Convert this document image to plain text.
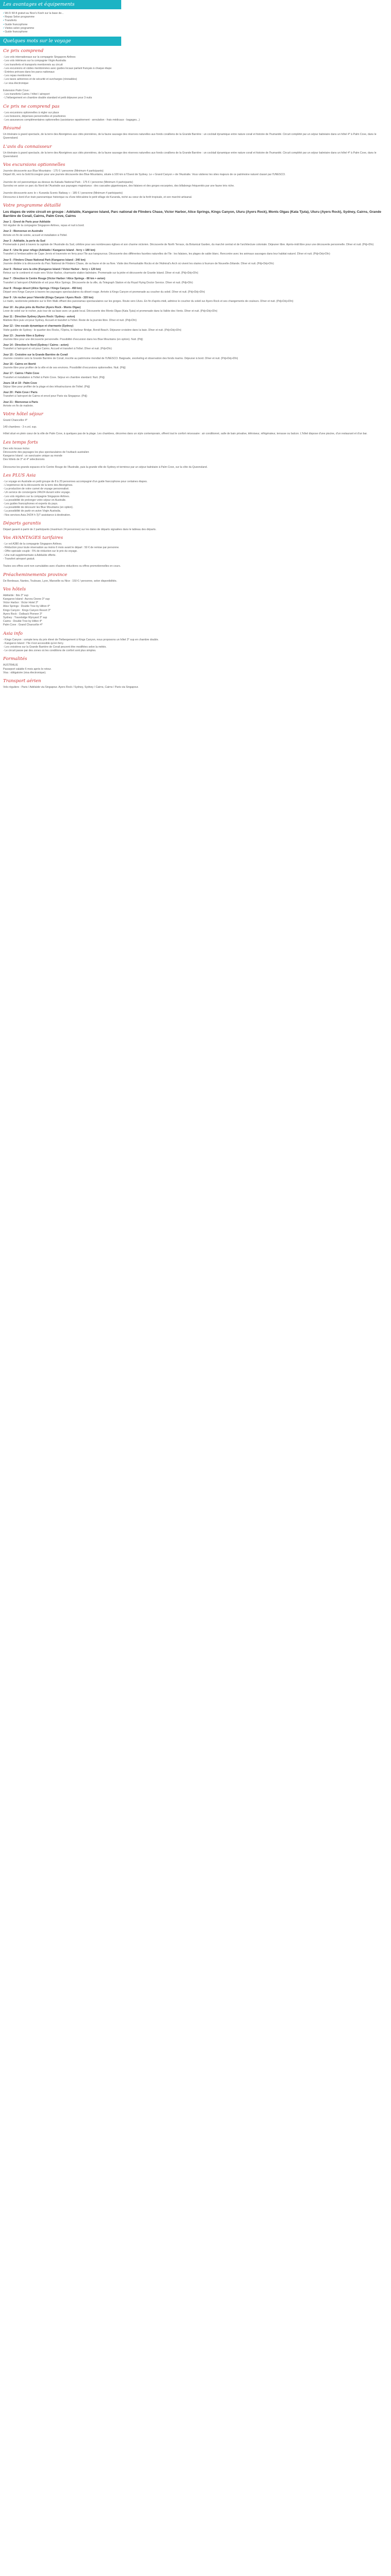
Les avantages et équipements
• Wi-Fi Wi-fi gratuit au Nice's Koeh sur la base de...
• Repas Selon programme
• Transferts
• Guide francophone
• Visites selon programme
• Guide francophone
Quelques mots sur le voyage
Ce prix comprend
- Les vols internationaux sur la compagnie Singapore Airlines
- Les vols intérieurs sur la compagnie Virgin Australia
- Les transferts et transports mentionnés au circuit
- Les excursions et visites mentionnées avec guides locaux parlant français à chaque étape
- Entrées prévues dans les parcs nationaux
- Les repas mentionnés
- Les taxes aériennes et de sécurité et surcharges (révisables)
- Le visa électronique

Extension Palm Cove :
- Les transferts Cairns / hôtel / aéroport
- L'hébergement en chambre double standard et petit déjeuner pour 3 nuits
Ce prix ne comprend pas
- Les excursions optionnelles à régler sur place
- Les boissons, dépenses personnelles et pourboires
- Les assurances complémentaires optionnelles (assistance rapatriement - annulation - frais médicaux - bagages...)
Résumé
Un itinéraire à grand spectacle, de la terre des Aborigènes aux cités pionnières, de la faune sauvage des réserves naturelles aux fonds coralliens de la Grande Barrière : un cocktail dynamique entre nature corail et histoire de l'humanité. Circuit complété par un séjour balnéaire dans un hôtel 4* à Palm Cove, dans le Queensland.
L'avis du connaisseur
Un itinéraire à grand spectacle, de la terre des Aborigènes aux cités pionnières, de la faune sauvage des réserves naturelles aux fonds coralliens de la Grande Barrière : un cocktail dynamique entre nature corail et histoire de l'humanité. Circuit complété par un séjour balnéaire dans un hôtel 4* à Palm Cove, dans le Queensland.
Vos excursions optionnelles
Journée découverte aux Blue Mountains - 175 € / personne (Minimum 4 participants)
Départ tôt, vers la Gold Ecoregion pour une journée découverte des Blue Mountains, située à 100 km à l'Ouest de Sydney. Le « Grand Canyon » de l'Australie. Vous visiterez les sites majeurs de ce patrimoine naturel classé par l'UNESCO.

Journée de vol panoramique au-dessus du Kakadu National Park - 175 € / personne (Minimum 4 participants)
Survolez en avion ce parc du Nord de l'Australie aux paysages majestueux : des cascades gigantesques, des falaises et des gorges escarpées, des billabongs fréquentés par une faune très riche.

Journée découverte avec le « Kuranda Scenic Railway » - 185 € / personne (Minimum 4 participants)
Découvrez à bord d'un train panoramique historique ou d'une télécabine le petit village de Kuranda, niché au cœur de la forêt tropicale, et son marché artisanal.
Votre programme détaillé
Les étapes de votre circuit en groupe : Adélaïde, Kangaroo Island, Parc national de Flinders Chase, Victor Harbor, Alice Springs, Kings Canyon, Uluru (Ayers Rock), Monts Olgas (Kata Tjuta), Uluru (Ayers Rock), Sydney, Cairns, Grande Barrière de Corail, Cairns, Palm Cove, Cairns
Jour 1 : Envol de Paris pour Adélaïde
Vol régulier de la compagnie Singapore Airlines, repas et nuit à bord.
Jour 2 : Bienvenue en Australie
Arrivée en fin de soirée, accueil et installation à l'hôtel.
Jour 3 : Adélaïde, la perle du Sud
Promenade à pied à travers la capitale de l'Australie du Sud, célèbre pour ses nombreuses églises et son charme victorien. Découverte de North Terrace, du Botanical Garden, du marché central et de l'architecture coloniale. Déjeuner libre. Après-midi libre pour une découverte personnelle. Dîner et nuit. (Pdj+Dîn)
Jour 4 : Une île pour refuge (Adélaïde / Kangaroo Island - ferry + 180 km)
Transfert à l'embarcadère de Cape Jervis et traversée en ferry pour l'île aux kangourous. Découverte des différentes facettes naturelles de l'île : les falaises, les plages de sable blanc. Rencontre avec les animaux sauvages dans leur habitat naturel. Dîner et nuit. (Pdj+Déj+Dîn)
Jour 5 : Flinders Chase National Park (Kangaroo Island - 240 km)
Journée dédiée à la découverte du Parc National de Flinders Chase, de sa faune et de sa flore. Visite des Remarkable Rocks et de l'Admiral's Arch où vivent les otaries à fourrure de Nouvelle-Zélande. Dîner et nuit. (Pdj+Déj+Dîn)
Jour 6 : Retour vers la côte (Kangaroo Island / Victor Harbor - ferry + 120 km)
Retour sur le continent et route vers Victor Harbor, charmante station balnéaire. Promenade sur la jetée et découverte de Granite Island. Dîner et nuit. (Pdj+Déj+Dîn)
Jour 7 : Direction le Centre Rouge (Victor Harbor / Alice Springs - 80 km + avion)
Transfert à l'aéroport d'Adélaïde et vol pour Alice Springs. Découverte de la ville, du Telegraph Station et du Royal Flying Doctor Service. Dîner et nuit. (Pdj+Dîn)
Jour 8 : Rouge désert (Alice Springs / Kings Canyon - 450 km)
Départ vers Kings Canyon à travers les paysages spectaculaires du désert rouge. Arrivée à Kings Canyon et promenade au coucher du soleil. Dîner et nuit. (Pdj+Déj+Dîn)
Jour 9 : Un rocher pour l'éternité (Kings Canyon / Ayers Rock - 320 km)
Le matin, randonnée pédestre sur le Rim Walk offrant des panoramas spectaculaires sur les gorges. Route vers Uluru. En fin d'après-midi, admirez le coucher du soleil sur Ayers Rock et ses changements de couleurs. Dîner et nuit. (Pdj+Déj+Dîn)
Jour 10 : Au plus près du Rocher (Ayers Rock - Monts Olgas)
Lever de soleil sur le rocher, puis tour de sa base avec un guide local. Découverte des Monts Olgas (Kata Tjuta) et promenade dans la Vallée des Vents. Dîner et nuit. (Pdj+Déj+Dîn)
Jour 11 : Direction Sydney (Ayers Rock / Sydney - avion)
Matinée libre puis vol pour Sydney. Accueil et transfert à l'hôtel. Reste de la journée libre. Dîner et nuit. (Pdj+Dîn)
Jour 12 : Une escale dynamique et charmante (Sydney)
Visite guidée de Sydney : le quartier des Rocks, l'Opéra, le Harbour Bridge, Bondi Beach. Déjeuner-croisière dans la baie. Dîner et nuit. (Pdj+Déj+Dîn)
Jour 13 : Journée libre à Sydney
Journée libre pour une découverte personnelle. Possibilité d'excursion dans les Blue Mountains (en option). Nuit. (Pdj)
Jour 14 : Direction le Nord (Sydney / Cairns - avion)
Transfert à l'aéroport et vol pour Cairns. Accueil et transfert à l'hôtel. Dîner et nuit. (Pdj+Dîn)
Jour 15 : Croisière sur la Grande Barrière de Corail
Journée croisière vers la Grande Barrière de Corail, inscrite au patrimoine mondial de l'UNESCO. Baignade, snorkeling et observation des fonds marins. Déjeuner à bord. Dîner et nuit. (Pdj+Déj+Dîn)
Jour 16 : Cairns en liberté
Journée libre pour profiter de la ville et de ses environs. Possibilité d'excursions optionnelles. Nuit. (Pdj)
Jour 17 : Cairns / Palm Cove
Transfert et installation à l'hôtel à Palm Cove. Séjour en chambre standard. Nuit. (Pdj)
Jours 18 et 19 : Palm Cove
Séjour libre pour profiter de la plage et des infrastructures de l'hôtel. (Pdj)
Jour 20 : Palm Cove / Paris
Transfert à l'aéroport de Cairns et envol pour Paris via Singapour. (Pdj)
Jour 21 : Bienvenue à Paris
Arrivée en fin de matinée.
Votre hôtel séjour
Grand Chancellor 4*
149 chambres - 3 n.vol. sup.
Hôtel situé en plein cœur de la ville de Palm Cove, à quelques pas de la plage. Les chambres, décorées dans un style contemporain, offrent tout le confort nécessaire : air conditionné, salle de bain privative, téléviseur, réfrigérateur, terrasse ou balcon. L'hôtel dispose d'une piscine, d'un restaurant et d'un bar.
Les temps forts
Des vols locaux inclus
Découverte des paysages les plus spectaculaires de l'outback australien
Kangaroo Island : un sanctuaire unique au monde
Des hôtels de 3* et 4* sélectionnés

Découvrez les grands espaces et le Centre Rouge de l'Australie, puis la grande ville de Sydney et terminez par un séjour balnéaire à Palm Cove, sur la côte du Queensland.
Les PLUS Asia
- Le voyage en Australie en petit groupe de 8 à 20 personnes accompagné d'un guide francophone pour certaines étapes.
- L'expérience de la découverte de la terre des Aborigènes.
- La production de votre carnet de voyage personnalisé.
- Un service de conciergerie 24h/24 durant votre voyage.
- Les vols réguliers sur la compagnie Singapore Airlines.
- La possibilité de prolonger votre séjour en Australie.
- Les guides francophones et experts du pays.
- La possibilité de découvrir les Blue Mountains (en option).
- La possibilité de partir en avion Virgin Australia.
- Nos services Asia 24/24 h 7j/7 assistance à destination.
Départs garantis
Départ garanti à partir de 2 participants (maximum 24 personnes) sur les dates de départs signalées dans le tableau des départs.
Vos AVANTAGES tarifaires
- Le vol A380 de la compagnie Singapore Airlines.
- Réduction pour toute réservation au moins 6 mois avant le départ : 50 € de remise par personne.
- Offre spéciale couple : 5% de réduction sur le prix du voyage.
- Une nuit supplémentaire à Adélaïde offerte.
- Transfert aéroport gratuit.

Toutes ces offres sont non cumulables avec d'autres réductions ou offres promotionnelles en cours.
Préacheminements province
De Bordeaux, Nantes, Toulouse, Lyon, Marseille ou Nice : 150 € / personne, selon disponibilités.
Vos hôtels
Adélaïde : Ibis 3* sup
Kangaroo Island : Aurora Ozone 3* sup
Victor Harbor : Victor Hotel 3*
Alice Springs : Double Tree by Hilton 4*
Kings Canyon : Kings Canyon Resort 3*
Ayers Rock : Outback Pioneer 3*
Sydney : Travelodge Wynyard 3* sup
Cairns : Double Tree by Hilton 4*
Palm Cove : Grand Chancellor 4*
Asia info
- Kings Canyon : compte tenu du prix élevé de l'hébergement à Kings Canyon, nous proposons un hôtel 3* sup en chambre double.
- Kangaroo Island : l'île n'est accessible qu'en ferry.
- Les croisières sur la Grande Barrière de Corail peuvent être modifiées selon la météo.
- Le circuit passe par des zones où les conditions de confort sont plus simples.
Formalités
AUSTRALIE
Passeport valable 6 mois après le retour.
Visa : obligatoire (visa électronique).
Transport aérien
Vols réguliers : Paris / Adélaïde via Singapour. Ayers Rock / Sydney, Sydney / Cairns, Cairns / Paris via Singapour.
